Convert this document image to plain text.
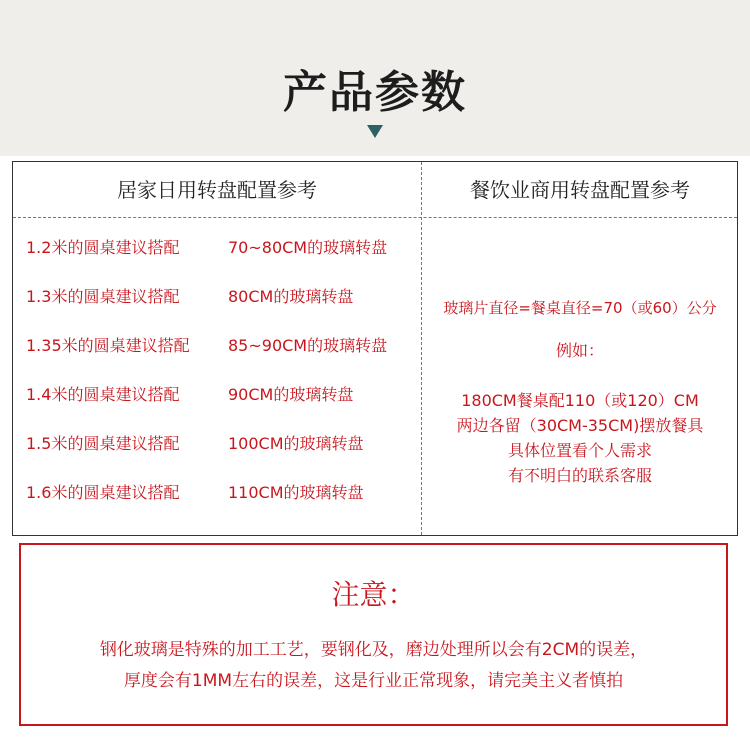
产品参数
居家日用转盘配置参考	餐饮业商用转盘配置参考
1.2米的圆桌建议搭配	70~80CM的玻璃转盘
1.3米的圆桌建议搭配	80CM的玻璃转盘
1.35米的圆桌建议搭配 85~90CM的玻璃转盘
1.4米的圆桌建议搭配	90CM的玻璃转盘
1.5米的圆桌建议搭配	100CM的玻璃转盘
1.6米的圆桌建议搭配	110CM的玻璃转盘
玻璃片直径=餐桌直径=70（或60）公分
例如：
180CM餐桌配110（或120）CM
两边各留（30CM-35CM)摆放餐具
具体位置看个人需求
有不明白的联系客服
注意：
钢化玻璃是特殊的加工工艺，要钢化及，磨边处理所以会有2CM的误差，
厚度会有1MM左右的误差，这是行业正常现象，请完美主义者慎拍
